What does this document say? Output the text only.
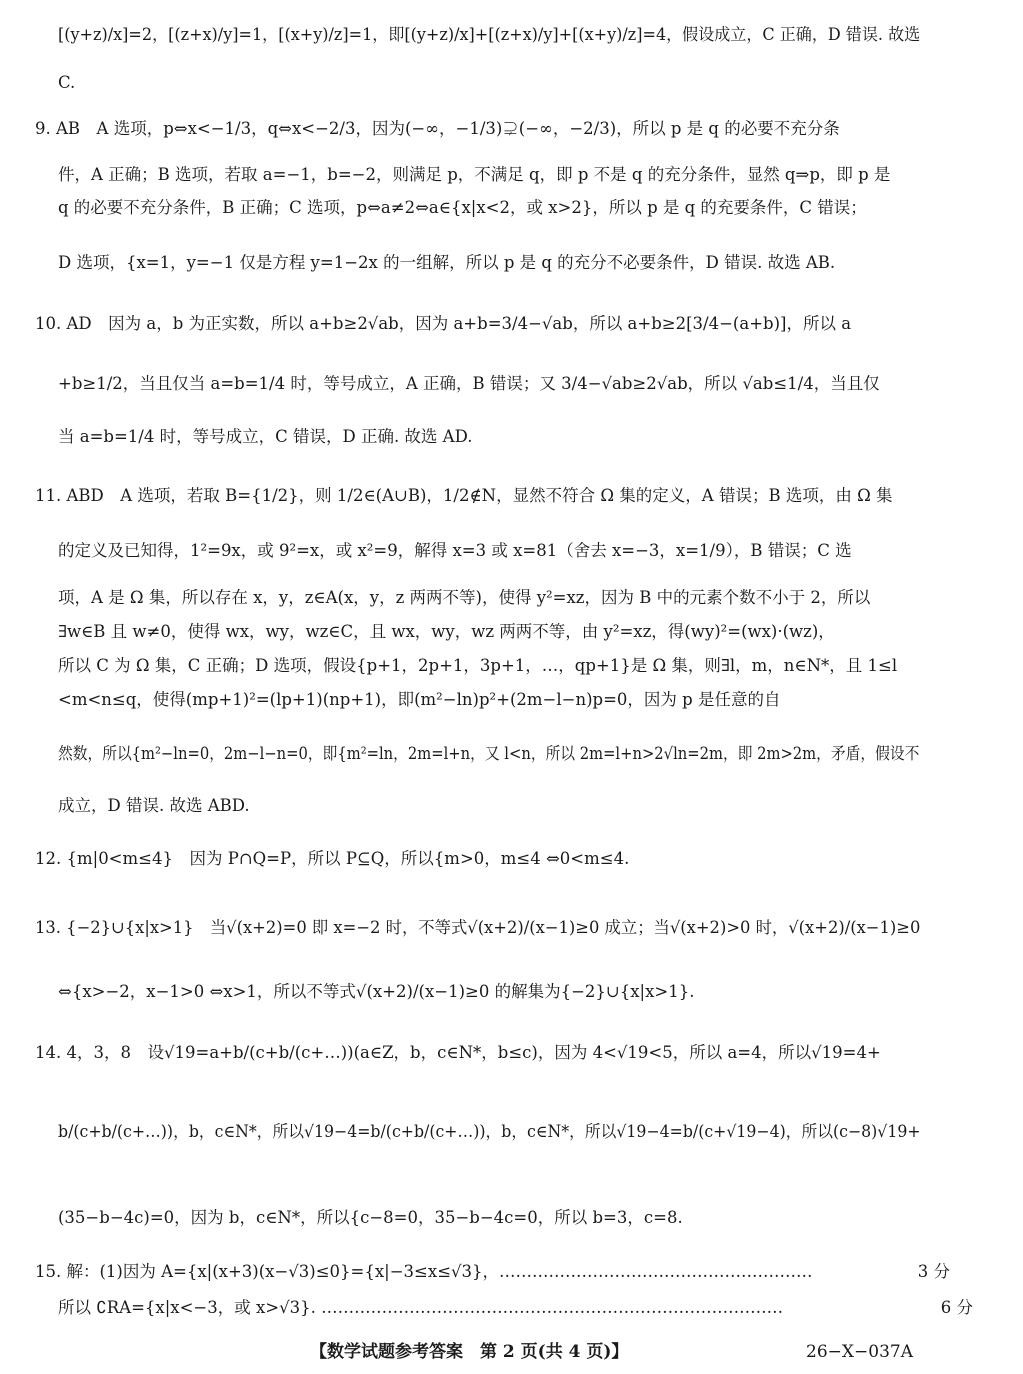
[(y+z)/x]=2，[(z+x)/y]=1，[(x+y)/z]=1，即[(y+z)/x]+[(z+x)/y]+[(x+y)/z]=4，假设成立，C 正确，D 错误. 故选
C.
9. AB　A 选项，p⇔x<−1/3，q⇔x<−2/3，因为(−∞，−1/3)⊋(−∞，−2/3)，所以 p 是 q 的必要不充分条
件，A 正确；B 选项，若取 a=−1，b=−2，则满足 p，不满足 q，即 p 不是 q 的充分条件，显然 q⇒p，即 p 是
q 的必要不充分条件，B 正确；C 选项，p⇔a≠2⇔a∈{x|x<2，或 x>2}，所以 p 是 q 的充要条件，C 错误；
D 选项，{x=1，y=−1 仅是方程 y=1−2x 的一组解，所以 p 是 q 的充分不必要条件，D 错误. 故选 AB.
10. AD　因为 a，b 为正实数，所以 a+b≥2√ab，因为 a+b=3/4−√ab，所以 a+b≥2[3/4−(a+b)]，所以 a
+b≥1/2，当且仅当 a=b=1/4 时，等号成立，A 正确，B 错误；又 3/4−√ab≥2√ab，所以 √ab≤1/4，当且仅
当 a=b=1/4 时，等号成立，C 错误，D 正确. 故选 AD.
11. ABD　A 选项，若取 B={1/2}，则 1/2∈(A∪B)，1/2∉N，显然不符合 Ω 集的定义，A 错误；B 选项，由 Ω 集
的定义及已知得，1²=9x，或 9²=x，或 x²=9，解得 x=3 或 x=81（舍去 x=−3，x=1/9），B 错误；C 选
项，A 是 Ω 集，所以存在 x，y，z∈A(x，y，z 两两不等)，使得 y²=xz，因为 B 中的元素个数不小于 2，所以
∃w∈B 且 w≠0，使得 wx，wy，wz∈C，且 wx，wy，wz 两两不等，由 y²=xz，得(wy)²=(wx)·(wz)，
所以 C 为 Ω 集，C 正确；D 选项，假设{p+1，2p+1，3p+1，…，qp+1}是 Ω 集，则∃l，m，n∈N*，且 1≤l
<m<n≤q，使得(mp+1)²=(lp+1)(np+1)，即(m²−ln)p²+(2m−l−n)p=0，因为 p 是任意的自
然数，所以{m²−ln=0，2m−l−n=0，即{m²=ln，2m=l+n，又 l<n，所以 2m=l+n>2√ln=2m，即 2m>2m，矛盾，假设不
成立，D 错误. 故选 ABD.
12. {m|0<m≤4}　因为 P∩Q=P，所以 P⊆Q，所以{m>0，m≤4 ⇔0<m≤4.
13. {−2}∪{x|x>1}　当√(x+2)=0 即 x=−2 时，不等式√(x+2)/(x−1)≥0 成立；当√(x+2)>0 时，√(x+2)/(x−1)≥0
⇔{x>−2，x−1>0 ⇔x>1，所以不等式√(x+2)/(x−1)≥0 的解集为{−2}∪{x|x>1}.
14. 4，3，8　设√19=a+b/(c+b/(c+…))(a∈Z，b，c∈N*，b≤c)，因为 4<√19<5，所以 a=4，所以√19=4+
b/(c+b/(c+…))，b，c∈N*，所以√19−4=b/(c+b/(c+…))，b，c∈N*，所以√19−4=b/(c+√19−4)，所以(c−8)√19+
(35−b−4c)=0，因为 b，c∈N*，所以{c−8=0，35−b−4c=0，所以 b=3，c=8.
15. 解：(1)因为 A={x|(x+3)(x−√3)≤0}={x|−3≤x≤√3}，…………………………………………………	3 分
所以 ∁RA={x|x<−3，或 x>√3}. …………………………………………………………………………	6 分
【数学试题参考答案　第 2 页(共 4 页)】	26−X−037A
